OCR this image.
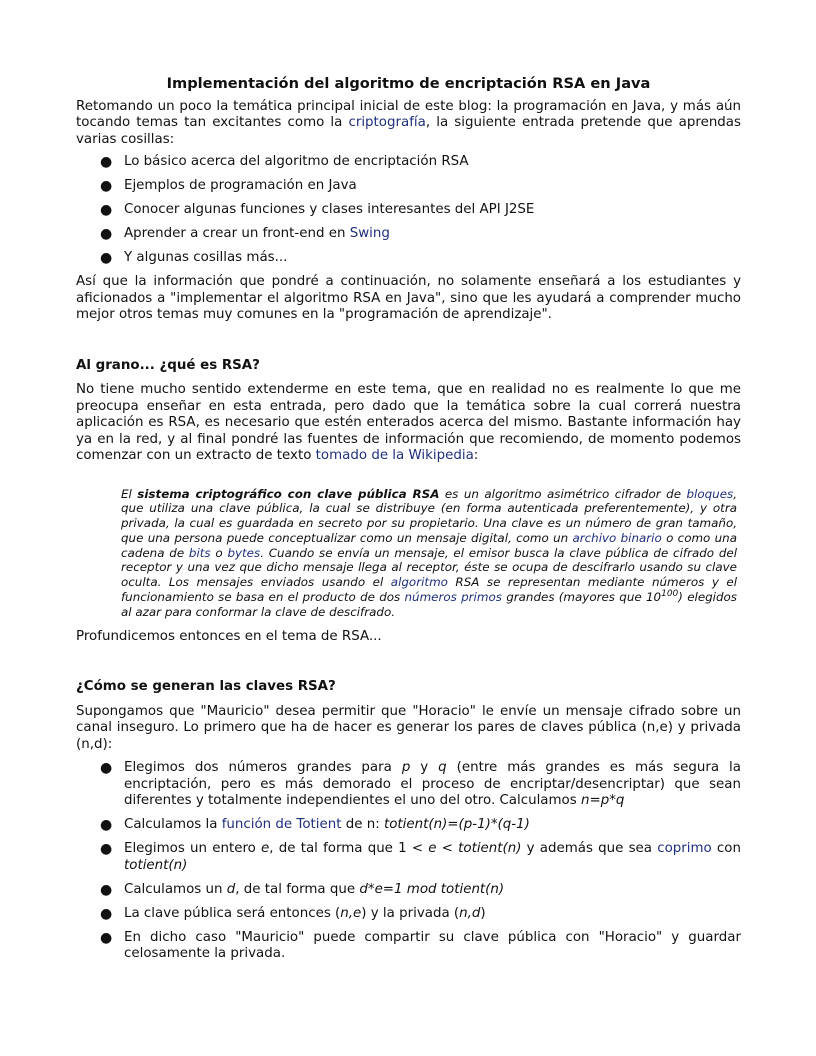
Implementación del algoritmo de encriptación RSA en Java

Retomando un poco la temática principal inicial de este blog: la programación en Java, y más aún tocando temas tan excitantes como la criptografía, la siguiente entrada pretende que aprendas varias cosillas:

● Lo básico acerca del algoritmo de encriptación RSA
● Ejemplos de programación en Java
● Conocer algunas funciones y clases interesantes del API J2SE
● Aprender a crear un front-end en Swing
● Y algunas cosillas más...

Así que la información que pondré a continuación, no solamente enseñará a los estudiantes y aficionados a "implementar el algoritmo RSA en Java", sino que les ayudará a comprender mucho mejor otros temas muy comunes en la "programación de aprendizaje".

Al grano... ¿qué es RSA?

No tiene mucho sentido extenderme en este tema, que en realidad no es realmente lo que me preocupa enseñar en esta entrada, pero dado que la temática sobre la cual correrá nuestra aplicación es RSA, es necesario que estén enterados acerca del mismo. Bastante información hay ya en la red, y al final pondré las fuentes de información que recomiendo, de momento podemos comenzar con un extracto de texto tomado de la Wikipedia:

El sistema criptográfico con clave pública RSA es un algoritmo asimétrico cifrador de bloques, que utiliza una clave pública, la cual se distribuye (en forma autenticada preferentemente), y otra privada, la cual es guardada en secreto por su propietario. Una clave es un número de gran tamaño, que una persona puede conceptualizar como un mensaje digital, como un archivo binario o como una cadena de bits o bytes. Cuando se envía un mensaje, el emisor busca la clave pública de cifrado del receptor y una vez que dicho mensaje llega al receptor, éste se ocupa de descifrarlo usando su clave oculta. Los mensajes enviados usando el algoritmo RSA se representan mediante números y el funcionamiento se basa en el producto de dos números primos grandes (mayores que $10^{100}$) elegidos al azar para conformar la clave de descifrado.

Profundicemos entonces en el tema de RSA...

¿Cómo se generan las claves RSA?

Supongamos que "Mauricio" desea permitir que "Horacio" le envíe un mensaje cifrado sobre un canal inseguro. Lo primero que ha de hacer es generar los pares de claves pública (n,e) y privada (n,d):

● Elegimos dos números grandes para p y q (entre más grandes es más segura la encriptación, pero es más demorado el proceso de encriptar/desencriptar) que sean diferentes y totalmente independientes el uno del otro. Calculamos n=p*q
● Calculamos la función de Totient de n: totient(n)=(p-1)*(q-1)
● Elegimos un entero e, de tal forma que 1 < e < totient(n) y además que sea coprimo con totient(n)
● Calculamos un d, de tal forma que d*e=1 mod totient(n)
● La clave pública será entonces (n,e) y la privada (n,d)
● En dicho caso "Mauricio" puede compartir su clave pública con "Horacio" y guardar celosamente la privada.
